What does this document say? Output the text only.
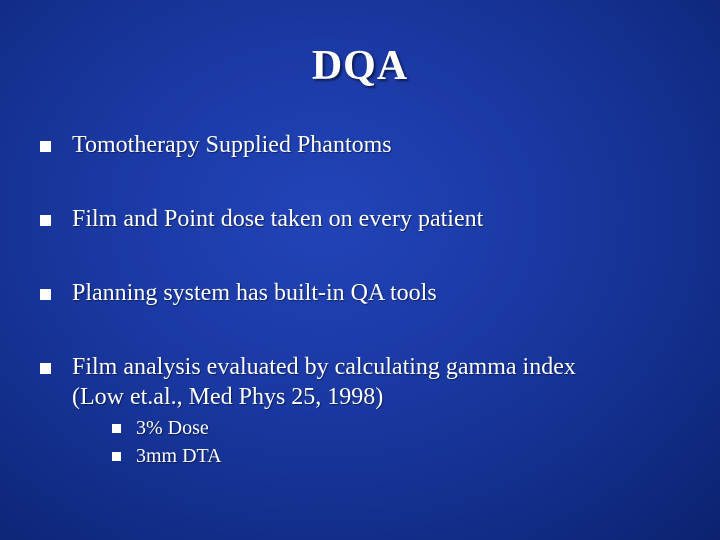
DQA
Tomotherapy Supplied Phantoms
Film and Point dose taken on every patient
Planning system has built-in QA tools
Film analysis evaluated by calculating gamma index
(Low et.al., Med Phys 25, 1998)
3% Dose
3mm DTA
